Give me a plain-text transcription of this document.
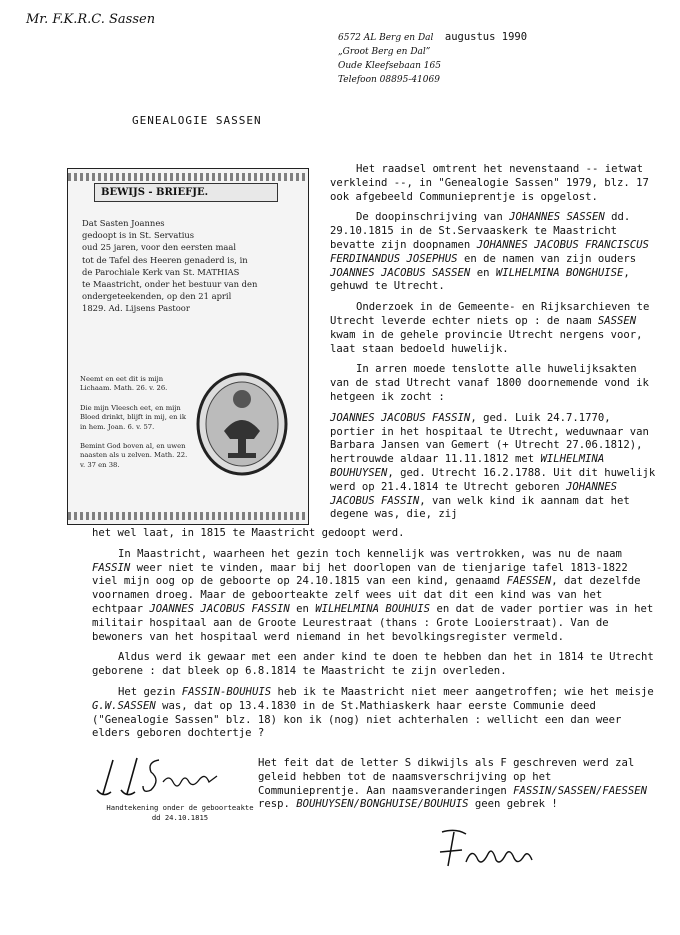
Mr. F.K.R.C. Sassen
6572 AL Berg en Dal augustus 1990
„Groot Berg en Dal”
Oude Kleefsebaan 165
Telefoon 08895-41069
GENEALOGIE SASSEN
BEWIJS - BRIEFJE.
Dat Sasten Joannes
gedoopt is in St. Servatius
oud 25 jaren, voor den eersten maal
tot de Tafel des Heeren genaderd is, in
de Parochiale Kerk van St. MATHIAS
te Maastricht, onder het bestuur van den
ondergeteekenden, op den 21 april
1829. Ad. Lijsens Pastoor
Neemt en eet dit is mijn Lichaam. Math. 26. v. 26.
Die mijn Vleesch eet, en mijn Bloed drinkt, blijft in mij, en ik in hem. Joan. 6. v. 57.
Bemint God boven al, en uwen naasten als u zelven. Math. 22. v. 37 en 38.

Het raadsel omtrent het nevenstaand -- ietwat verkleind --, in "Genealogie Sassen" 1979, blz. 17 ook afgebeeld Communieprentje is opgelost.

De doopinschrijving van JOHANNES SASSEN dd. 29.10.1815 in de St.Servaaskerk te Maastricht bevatte zijn doopnamen JOHANNES JACOBUS FRANCISCUS FERDINANDUS JOSEPHUS en de namen van zijn ouders JOANNES JACOBUS SASSEN en WILHELMINA BONGHUISE, gehuwd te Utrecht.

Onderzoek in de Gemeente- en Rijksarchieven te Utrecht leverde echter niets op : de naam SASSEN kwam in de gehele provincie Utrecht nergens voor, laat staan bedoeld huwelijk.

In arren moede tenslotte alle huwelijksakten van de stad Utrecht vanaf 1800 doornemende vond ik hetgeen ik zocht :

JOANNES JACOBUS FASSIN, ged. Luik 24.7.1770, portier in het hospitaal te Utrecht, weduwnaar van Barbara Jansen van Gemert (+ Utrecht 27.06.1812), hertrouwde aldaar 11.11.1812 met WILHELMINA BOUHUYSEN, ged. Utrecht 16.2.1788. Uit dit huwelijk werd op 21.4.1814 te Utrecht geboren JOHANNES JACOBUS FASSIN, van welk kind ik aannam dat het degene was, die, zij

het wel laat, in 1815 te Maastricht gedoopt werd.

In Maastricht, waarheen het gezin toch kennelijk was vertrokken, was nu de naam FASSIN weer niet te vinden, maar bij het doorlopen van de tienjarige tafel 1813-1822 viel mijn oog op de geboorte op 24.10.1815 van een kind, genaamd FAESSEN, dat dezelfde voornamen droeg. Maar de geboorteakte zelf wees uit dat dit een kind was van het echtpaar JOANNES JACOBUS FASSIN en WILHELMINA BOUHUIS en dat de vader portier was in het militair hospitaal aan de Groote Leurestraat (thans : Grote Looierstraat). Van de bewoners van het hospitaal werd niemand in het bevolkingsregister vermeld.

Aldus werd ik gewaar met een ander kind te doen te hebben dan het in 1814 te Utrecht geborene : dat bleek op 6.8.1814 te Maastricht te zijn overleden.

Het gezin FASSIN-BOUHUIS heb ik te Maastricht niet meer aangetroffen; wie het meisje G.W.SASSEN was, dat op 13.4.1830 in de St.Mathiaskerk haar eerste Communie deed ("Genealogie Sassen" blz. 18) kon ik (nog) niet achterhalen : wellicht een dan weer elders geboren dochtertje ?

Het feit dat de letter S dikwijls als F geschreven werd zal geleid hebben tot de naamsverschrijving op het Communieprentje. Aan naamsveranderingen FASSIN/SASSEN/FAESSEN resp. BOUHUYSEN/BONGHUISE/BOUHUIS geen gebrek !

Handtekening onder de geboorteakte dd 24.10.1815
